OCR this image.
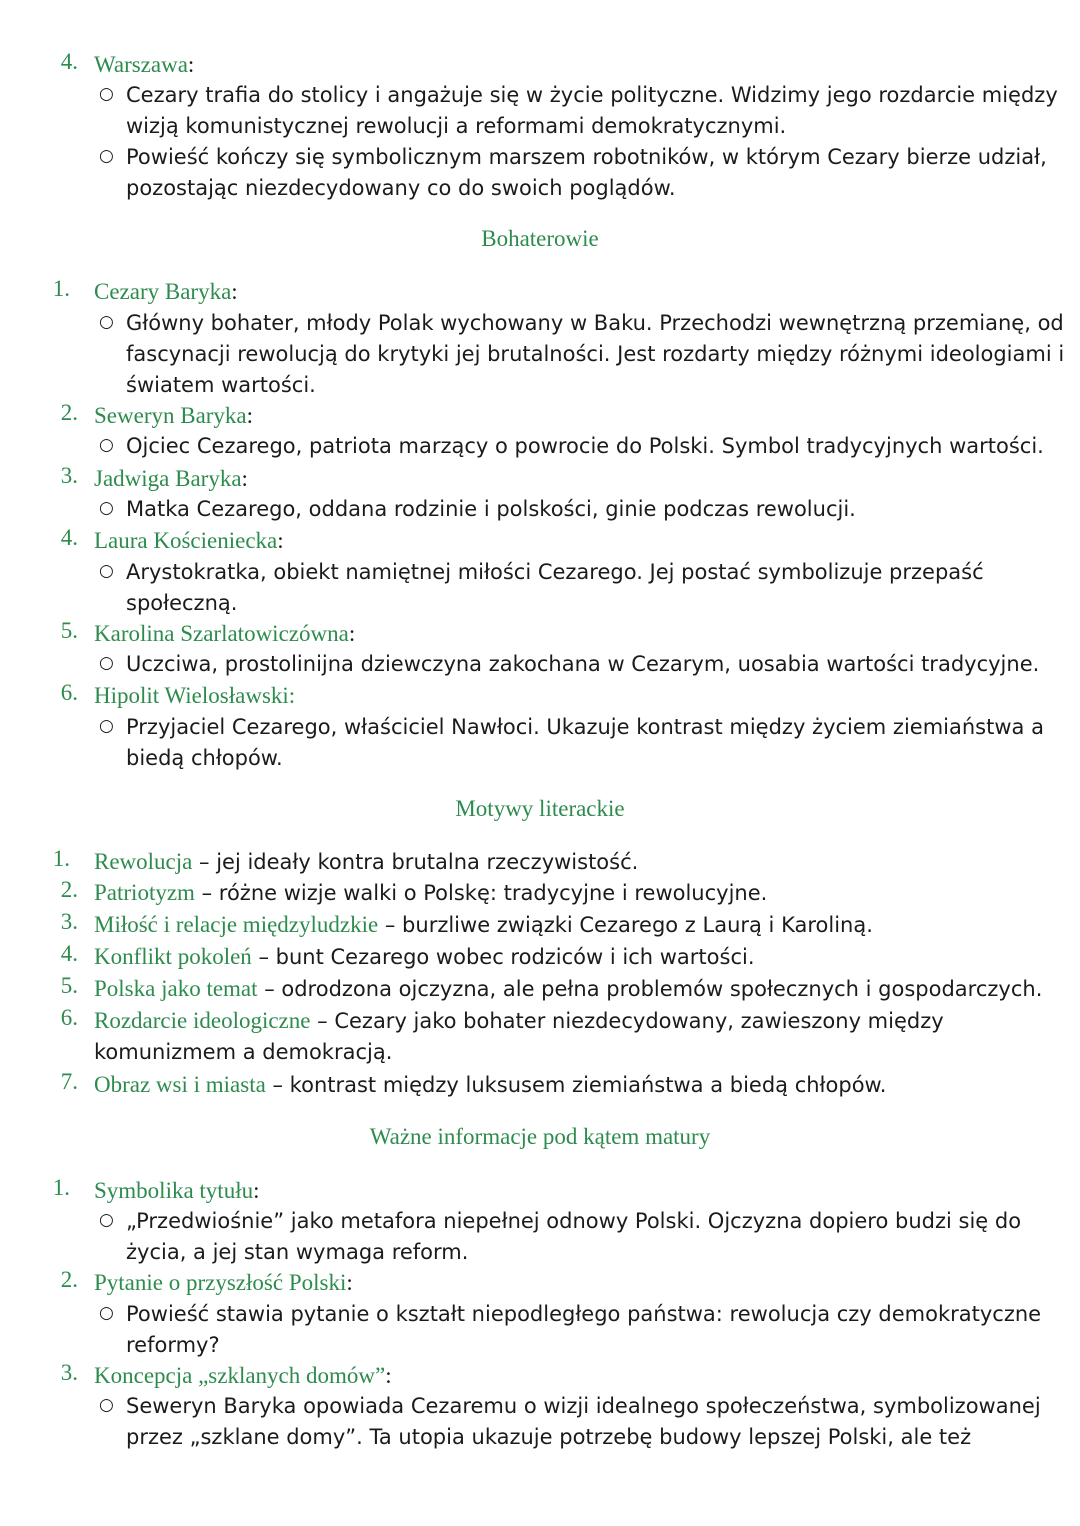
4. Warszawa:
○ Cezary trafia do stolicy i angażuje się w życie polityczne. Widzimy jego rozdarcie między
wizją komunistycznej rewolucji a reformami demokratycznymi.
○ Powieść kończy się symbolicznym marszem robotników, w którym Cezary bierze udział,
pozostając niezdecydowany co do swoich poglądów.
Bohaterowie
1. Cezary Baryka:
○ Główny bohater, młody Polak wychowany w Baku. Przechodzi wewnętrzną przemianę, od
fascynacji rewolucją do krytyki jej brutalności. Jest rozdarty między różnymi ideologiami i
światem wartości.
2. Seweryn Baryka:
○ Ojciec Cezarego, patriota marzący o powrocie do Polski. Symbol tradycyjnych wartości.
3. Jadwiga Baryka:
○ Matka Cezarego, oddana rodzinie i polskości, ginie podczas rewolucji.
4. Laura Kościeniecka:
○ Arystokratka, obiekt namiętnej miłości Cezarego. Jej postać symbolizuje przepaść
społeczną.
5. Karolina Szarlatowiczówna:
○ Uczciwa, prostolinijna dziewczyna zakochana w Cezarym, uosabia wartości tradycyjne.
6. Hipolit Wielosławski:
○ Przyjaciel Cezarego, właściciel Nawłoci. Ukazuje kontrast między życiem ziemiaństwa a
biedą chłopów.
Motywy literackie
1. Rewolucja – jej ideały kontra brutalna rzeczywistość.
2. Patriotyzm – różne wizje walki o Polskę: tradycyjne i rewolucyjne.
3. Miłość i relacje międzyludzkie – burzliwe związki Cezarego z Laurą i Karoliną.
4. Konflikt pokoleń – bunt Cezarego wobec rodziców i ich wartości.
5. Polska jako temat – odrodzona ojczyzna, ale pełna problemów społecznych i gospodarczych.
6. Rozdarcie ideologiczne – Cezary jako bohater niezdecydowany, zawieszony między
komunizmem a demokracją.
7. Obraz wsi i miasta – kontrast między luksusem ziemiaństwa a biedą chłopów.
Ważne informacje pod kątem matury
1. Symbolika tytułu:
○ „Przedwiośnie” jako metafora niepełnej odnowy Polski. Ojczyzna dopiero budzi się do
życia, a jej stan wymaga reform.
2. Pytanie o przyszłość Polski:
○ Powieść stawia pytanie o kształt niepodległego państwa: rewolucja czy demokratyczne
reformy?
3. Koncepcja „szklanych domów”:
○ Seweryn Baryka opowiada Cezaremu o wizji idealnego społeczeństwa, symbolizowanej
przez „szklane domy”. Ta utopia ukazuje potrzebę budowy lepszej Polski, ale też
